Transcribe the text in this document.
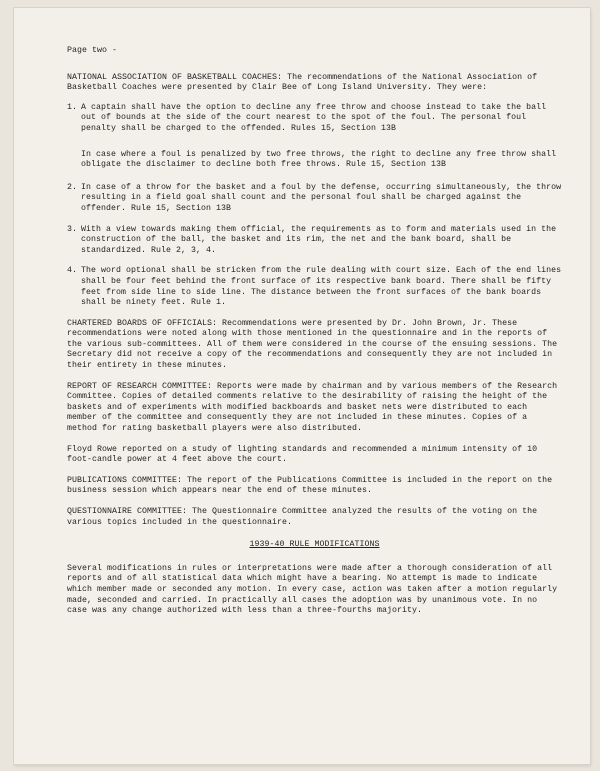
Page two -

NATIONAL ASSOCIATION OF BASKETBALL COACHES: The recommendations of the National Association of Basketball Coaches were presented by Clair Bee of Long Island University. They were:

1. A captain shall have the option to decline any free throw and choose instead to take the ball out of bounds at the side of the court nearest to the spot of the foul. The personal foul penalty shall be charged to the offended. Rules 15, Section 13B

In case where a foul is penalized by two free throws, the right to decline any free throw shall obligate the disclaimer to decline both free throws. Rule 15, Section 13B

2. In case of a throw for the basket and a foul by the defense, occurring simultaneously, the throw resulting in a field goal shall count and the personal foul shall be charged against the offender. Rule 15, Section 13B
3. With a view towards making them official, the requirements as to form and materials used in the construction of the ball, the basket and its rim, the net and the bank board, shall be standardized. Rule 2, 3, 4.
4. The word optional shall be stricken from the rule dealing with court size. Each of the end lines shall be four feet behind the front surface of its respective bank board. There shall be fifty feet from side line to side line. The distance between the front surfaces of the bank boards shall be ninety feet. Rule 1.

CHARTERED BOARDS OF OFFICIALS: Recommendations were presented by Dr. John Brown, Jr. These recommendations were noted along with those mentioned in the questionnaire and in the reports of the various sub-committees. All of them were considered in the course of the ensuing sessions. The Secretary did not receive a copy of the recommendations and consequently they are not included in their entirety in these minutes.

REPORT OF RESEARCH COMMITTEE: Reports were made by chairman and by various members of the Research Committee. Copies of detailed comments relative to the desirability of raising the height of the baskets and of experiments with modified backboards and basket nets were distributed to each member of the committee and consequently they are not included in these minutes. Copies of a method for rating basketball players were also distributed.

Floyd Rowe reported on a study of lighting standards and recommended a minimum intensity of 10 foot-candle power at 4 feet above the court.

PUBLICATIONS COMMITTEE: The report of the Publications Committee is included in the report on the business session which appears near the end of these minutes.

QUESTIONNAIRE COMMITTEE: The Questionnaire Committee analyzed the results of the voting on the various topics included in the questionnaire.

1939-40 RULE MODIFICATIONS

Several modifications in rules or interpretations were made after a thorough consideration of all reports and of all statistical data which might have a bearing. No attempt is made to indicate which member made or seconded any motion. In every case, action was taken after a motion regularly made, seconded and carried. In practically all cases the adoption was by unanimous vote. In no case was any change authorized with less than a three-fourths majority.
